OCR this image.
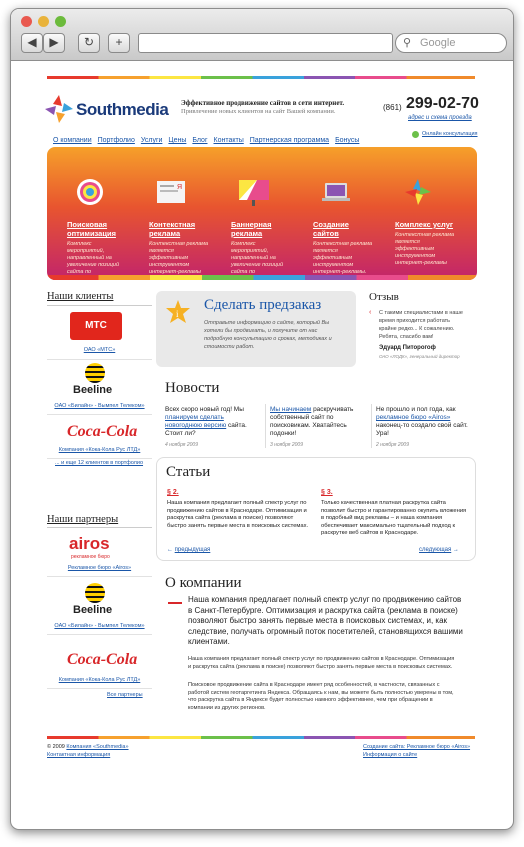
◀	▶	↻	+	Google
⚲
Southmedia Эффективное продвижение сайтов в сети интернет.
Привлечение новых клиентов на сайт Вашей компании.	(861) 299-02-70
адрес и схема проезда
О компании Портфолио Услуги Цены Блог Контакты Партнерская программа Бонусы
Онлайн консультация
Поисковая оптимизация
Комплекс мероприятий, направленный на увеличение позиций сайта по
Я
Контекстная реклама
Контекстная реклама является эффективным инструментом интернет-рекламы
Баннерная реклама
Комплекс мероприятий, направленный на увеличение позиций сайта по
Создание сайтов
Контекстная реклама является эффективным инструментом интернет-рекламы.
Комплекс услуг
Контекстная реклама является эффективным инструментом интернет-рекламы
Наши клиенты
МТС
ОАО «МТС»
Beeline
ОАО «Билайн» - Вымпел Телеком»
Coca-Cola
Компания «Кока-Кола Рус ЛТД»
... и еще 12 клиентов в портфолио
Наши партнеры
airos
рекламное бюро
Рекламное бюро «Airos»
Beeline
ОАО «Билайн» - Вымпел Телеком»
Coca-Cola
Компания «Кока-Кола Рус ЛТД»
Все партнеры
i
Сделать предзаказ
Отправьте информацию о сайте, который Вы хотели бы продвигать, и получите от нас подробную консультацию о сроках, методиках и стоимости работ.
Отзыв
‹ С такими специалистами в наше время приходится работать крайне редко... К сожалению. Ребята, спасибо вам!
Эдуард Питорогоф
ОАО «ЛОДК», генеральный директор
Новости
Всех скоро новый год! Мы планируем сделать новогоднюю версию сайта. Стоит ли?
4 ноября 2009
Мы начинаем раскручивать собственный сайт по поисковикам. Хватайтесь подонки!
3 ноября 2009
Не прошло и пол года, как рекламное бюро «Airos» наконец-то создало свой сайт. Ура!
2 ноября 2009
Статьи
§ 2.
Наша компания предлагает полный спектр услуг по продвижению сайтов в Краснодаре. Оптимизация и раскрутка сайта (реклама в поиске) позволяют быстро занять первые места в поисковых системах.
§ 3.
Только качественная платная раскрутка сайта позволит быстро и гарантированно окупить вложения в подобный вид рекламы – и наша компания обеспечивает максимально тщательный подход к раскрутке веб сайтов в Краснодаре.
← предыдущая	следующая →
О компании
Наша компания предлагает полный спектр услуг по продвижению сайтов в Санкт-Петербурге. Оптимизация и раскрутка сайта (реклама в поиске) позволяют быстро занять первые места в поисковых системах, и, как следствие, получать огромный поток посетителей, становящихся вашими клиентами.
Наша компания предлагает полный спектр услуг по продвижению сайтов в Краснодаре. Оптимизация и раскрутка сайта (реклама в поиске) позволяют быстро занять первые места в поисковых системах.
Поисковое продвижение сайта в Краснодаре имеет ряд особенностей, в частности, связанных с работой систем геотаргетинга Яндекса. Обращаясь к нам, вы можете быть полностью уверены в том, что раскрутка сайта в Яндексе будет полностью намного эффективнее, чем при обращении в компании из других регионов.
© 2009 Компания «Southmedia»
Контактная информация
Создание сайта: Рекламное бюро «Airos»
Информация о сайте
